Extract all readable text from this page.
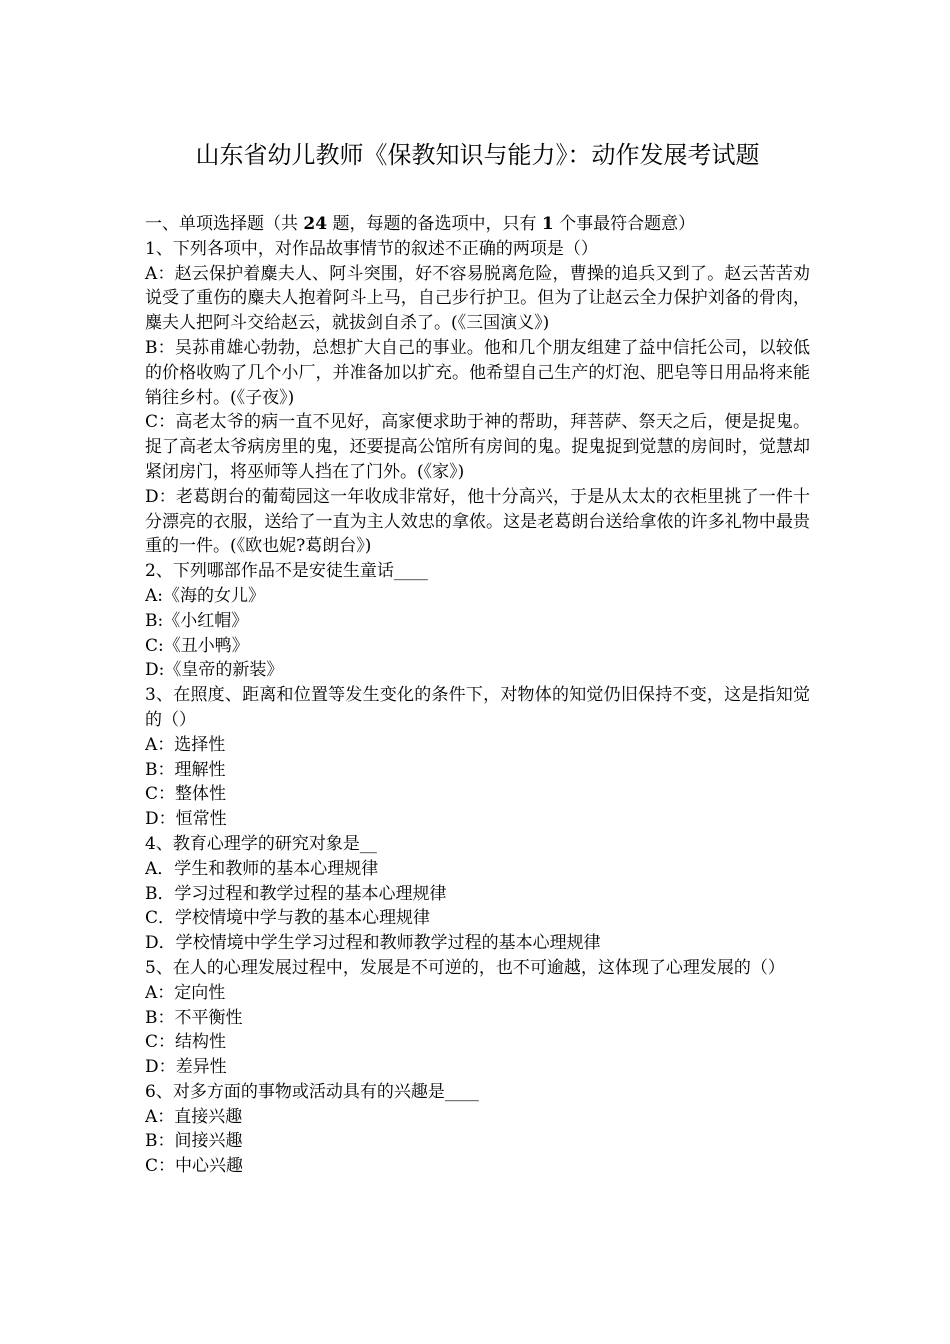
山东省幼儿教师《保教知识与能力》：动作发展考试题

一、单项选择题（共 24 题，每题的备选项中，只有 1 个事最符合题意）

1、下列各项中，对作品故事情节的叙述不正确的两项是（）

A：赵云保护着麋夫人、阿斗突围，好不容易脱离危险，曹操的追兵又到了。赵云苦苦劝说受了重伤的麋夫人抱着阿斗上马，自己步行护卫。但为了让赵云全力保护刘备的骨肉，麋夫人把阿斗交给赵云，就拔剑自杀了。(《三国演义》)

B：吴荪甫雄心勃勃，总想扩大自己的事业。他和几个朋友组建了益中信托公司，以较低的价格收购了几个小厂，并准备加以扩充。他希望自己生产的灯泡、肥皂等日用品将来能销往乡村。(《子夜》)

C：高老太爷的病一直不见好，高家便求助于神的帮助，拜菩萨、祭天之后，便是捉鬼。捉了高老太爷病房里的鬼，还要提高公馆所有房间的鬼。捉鬼捉到觉慧的房间时，觉慧却紧闭房门，将巫师等人挡在了门外。(《家》)

D：老葛朗台的葡萄园这一年收成非常好，他十分高兴，于是从太太的衣柜里挑了一件十分漂亮的衣服，送给了一直为主人效忠的拿侬。这是老葛朗台送给拿侬的许多礼物中最贵重的一件。(《欧也妮?葛朗台》)

2、下列哪部作品不是安徒生童话____

A:《海的女儿》

B:《小红帽》

C:《丑小鸭》

D:《皇帝的新装》

3、在照度、距离和位置等发生变化的条件下，对物体的知觉仍旧保持不变，这是指知觉的（）

A：选择性

B：理解性

C：整体性

D：恒常性

4、教育心理学的研究对象是__

A．学生和教师的基本心理规律

B．学习过程和教学过程的基本心理规律

C．学校情境中学与教的基本心理规律

D．学校情境中学生学习过程和教师教学过程的基本心理规律

5、在人的心理发展过程中，发展是不可逆的，也不可逾越，这体现了心理发展的（）

A：定向性

B：不平衡性

C：结构性

D：差异性

6、对多方面的事物或活动具有的兴趣是____

A：直接兴趣

B：间接兴趣

C：中心兴趣
